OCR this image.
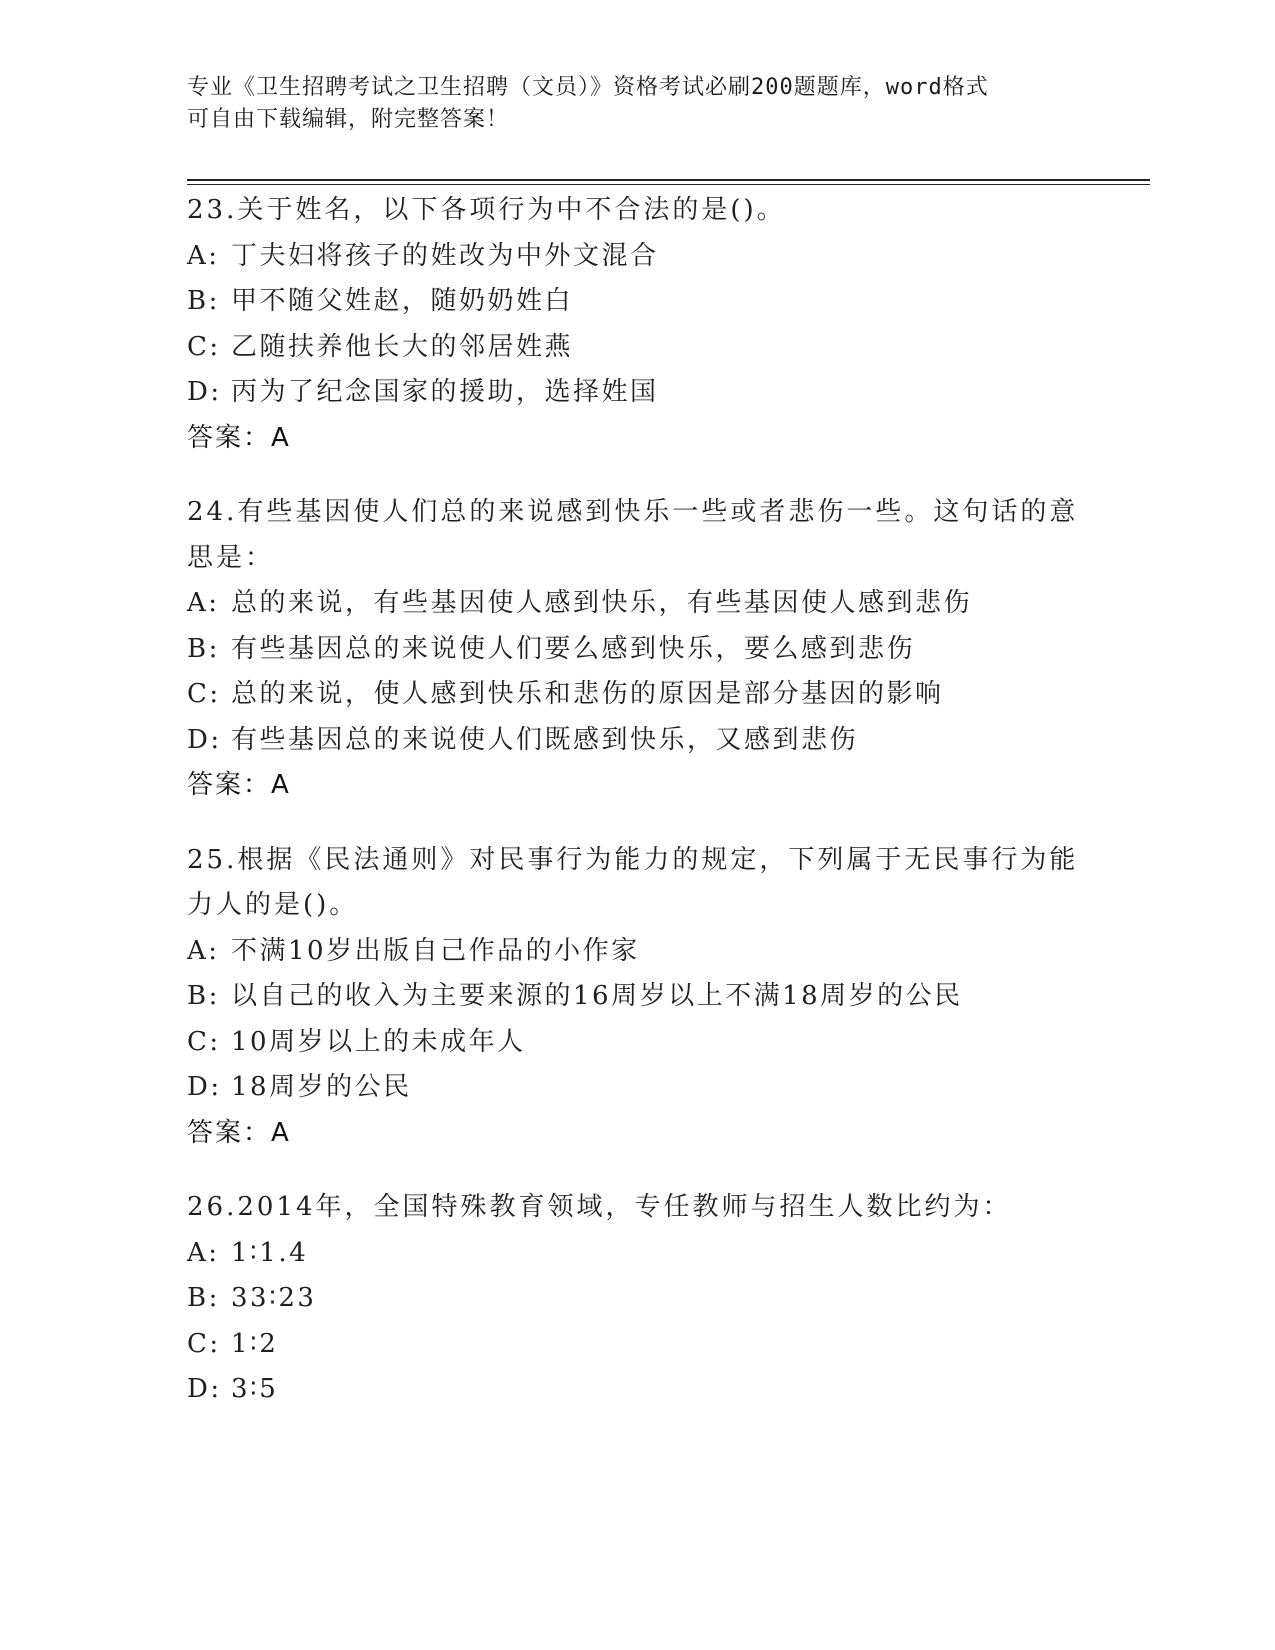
专业《卫生招聘考试之卫生招聘（文员）》资格考试必刷200题题库，word格式
可自由下载编辑，附完整答案！
23.关于姓名，以下各项行为中不合法的是()。
A: 丁夫妇将孩子的姓改为中外文混合
B: 甲不随父姓赵，随奶奶姓白
C: 乙随扶养他长大的邻居姓燕
D: 丙为了纪念国家的援助，选择姓国
答案：A
24.有些基因使人们总的来说感到快乐一些或者悲伤一些。这句话的意
思是：
A: 总的来说，有些基因使人感到快乐，有些基因使人感到悲伤
B: 有些基因总的来说使人们要么感到快乐，要么感到悲伤
C: 总的来说，使人感到快乐和悲伤的原因是部分基因的影响
D: 有些基因总的来说使人们既感到快乐，又感到悲伤
答案：A
25.根据《民法通则》对民事行为能力的规定，下列属于无民事行为能
力人的是()。
A: 不满10岁出版自己作品的小作家
B: 以自己的收入为主要来源的16周岁以上不满18周岁的公民
C: 10周岁以上的未成年人
D: 18周岁的公民
答案：A
26.2014年，全国特殊教育领域，专任教师与招生人数比约为：
A: 1∶1.4
B: 33∶23
C: 1∶2
D: 3∶5
